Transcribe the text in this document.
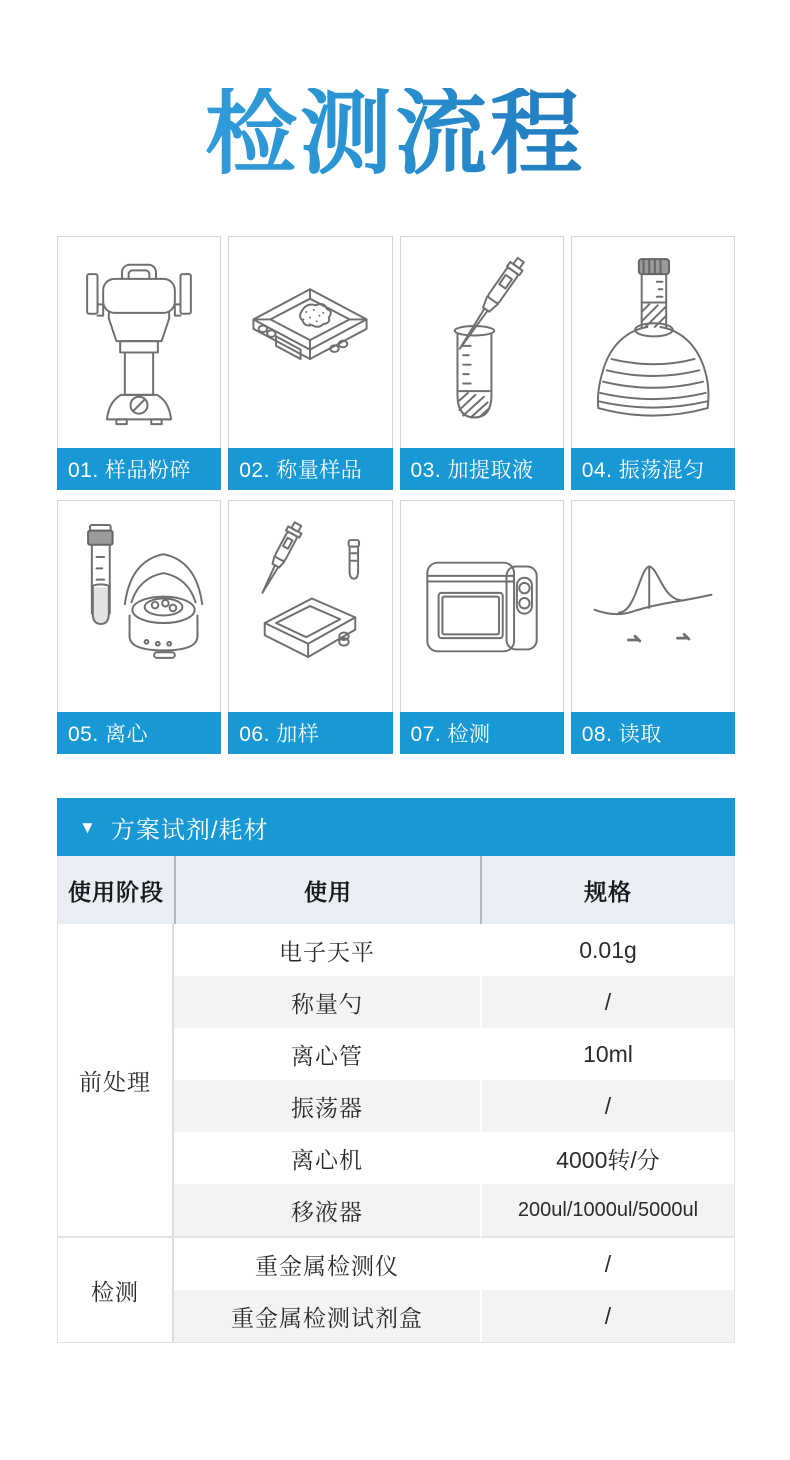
检测流程
01. 样品粉碎	02. 称量样品	03. 加提取液	04. 振荡混匀
05. 离心	06. 加样	07. 检测	08. 读取
▼ 方案试剂/耗材
使用阶段	使用	规格
前处理	电子天平	0.01g
	称量勺	/
	离心管	10ml
	振荡器	/
	离心机	4000转/分
	移液器	200ul/1000ul/5000ul
检测	重金属检测仪	/
	重金属检测试剂盒	/
